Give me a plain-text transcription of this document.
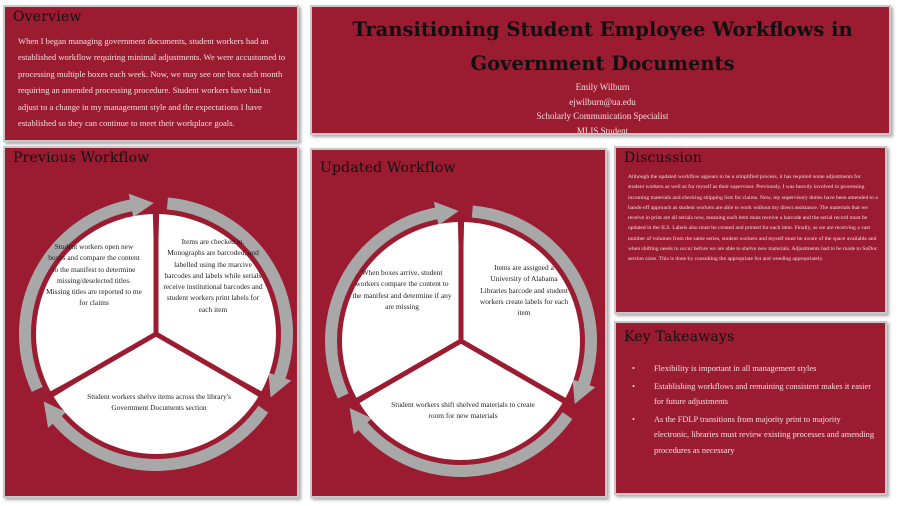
Overview

When I began managing government documents, student workers had an established workflow requiring minimal adjustments. We were accustomed to processing multiple boxes each week. Now, we may see one box each month requiring an amended processing procedure. Student workers have had to adjust to a change in my management style and the expectations I have established so they can continue to meet their workplace goals.

Transitioning Student Employee Workflows in Government Documents
Emily Wilburn
ejwilburn@ua.edu
Scholarly Communication Specialist
MLIS Student
Previous Workflow
Student workers open new boxes and compare the content to the manifest to determine missing/deselected titles. Missing titles are reported to me for claims
Items are checked in. Monographs are barcoded, and labelled using the marcive barcodes and labels while serials receive institutional barcodes and student workers print labels for each item
Student workers shelve items across the library's Government Documents section
Updated Workflow
When boxes arrive, student workers compare the content to the manifest and determine if any are missing
Items are assigned a University of Alabama Libraries barcode and student workers create labels for each item
Student workers shift shelved materials to create room for new materials
Discussion

Although the updated workflow appears to be a simplified process, it has required some adjustments for student workers as well as for myself as their supervisor. Previously, I was heavily involved in processing incoming materials and checking shipping lists for claims. Now, my supervisory duties have been amended to a hands-off approach as student workers are able to work without my direct assistance. The materials that we receive in print are all serials now, meaning each item must receive a barcode and the serial record must be updated in the ILS. Labels also must be created and printed for each item. Finally, as we are receiving a vast number of volumes from the same series, student workers and myself must be aware of the space available and when shifting needs to occur before we are able to shelve new materials. Adjustments had to be made to SuDoc section sizes. This is done by consulting the appropriate list and weeding appropriately.

Key Takeaways
• Flexibility is important in all management styles
• Establishing workflows and remaining consistent makes it easier for future adjustments
• As the FDLP transitions from majority print to majority electronic, libraries must review existing processes and amending procedures as necessary
